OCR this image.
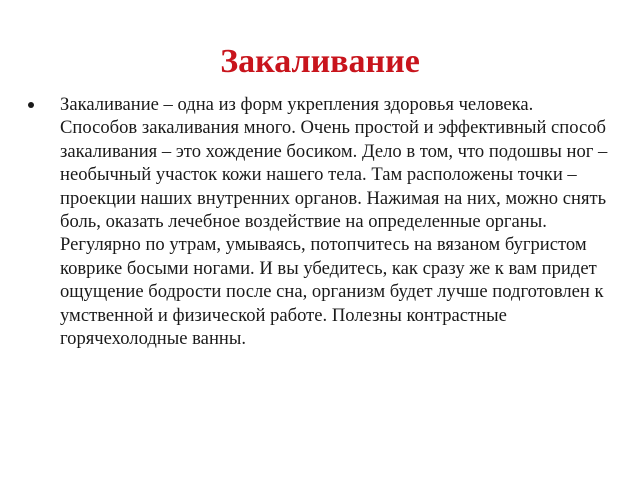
Закаливание
Закаливание – одна из форм укрепления здоровья человека. Способов закаливания много. Очень простой и эффективный способ закаливания – это хождение босиком. Дело в том, что подошвы ног – необычный участок кожи нашего тела. Там расположены точки – проекции наших внутренних органов. Нажимая на них, можно снять боль, оказать лечебное воздействие на определенные органы. Регулярно по утрам, умываясь, потопчитесь на вязаном бугристом коврике босыми ногами. И вы убедитесь, как сразу же к вам придет ощущение бодрости после сна, организм будет лучше подготовлен к умственной и физической работе. Полезны контрастные горячехолодные ванны.
